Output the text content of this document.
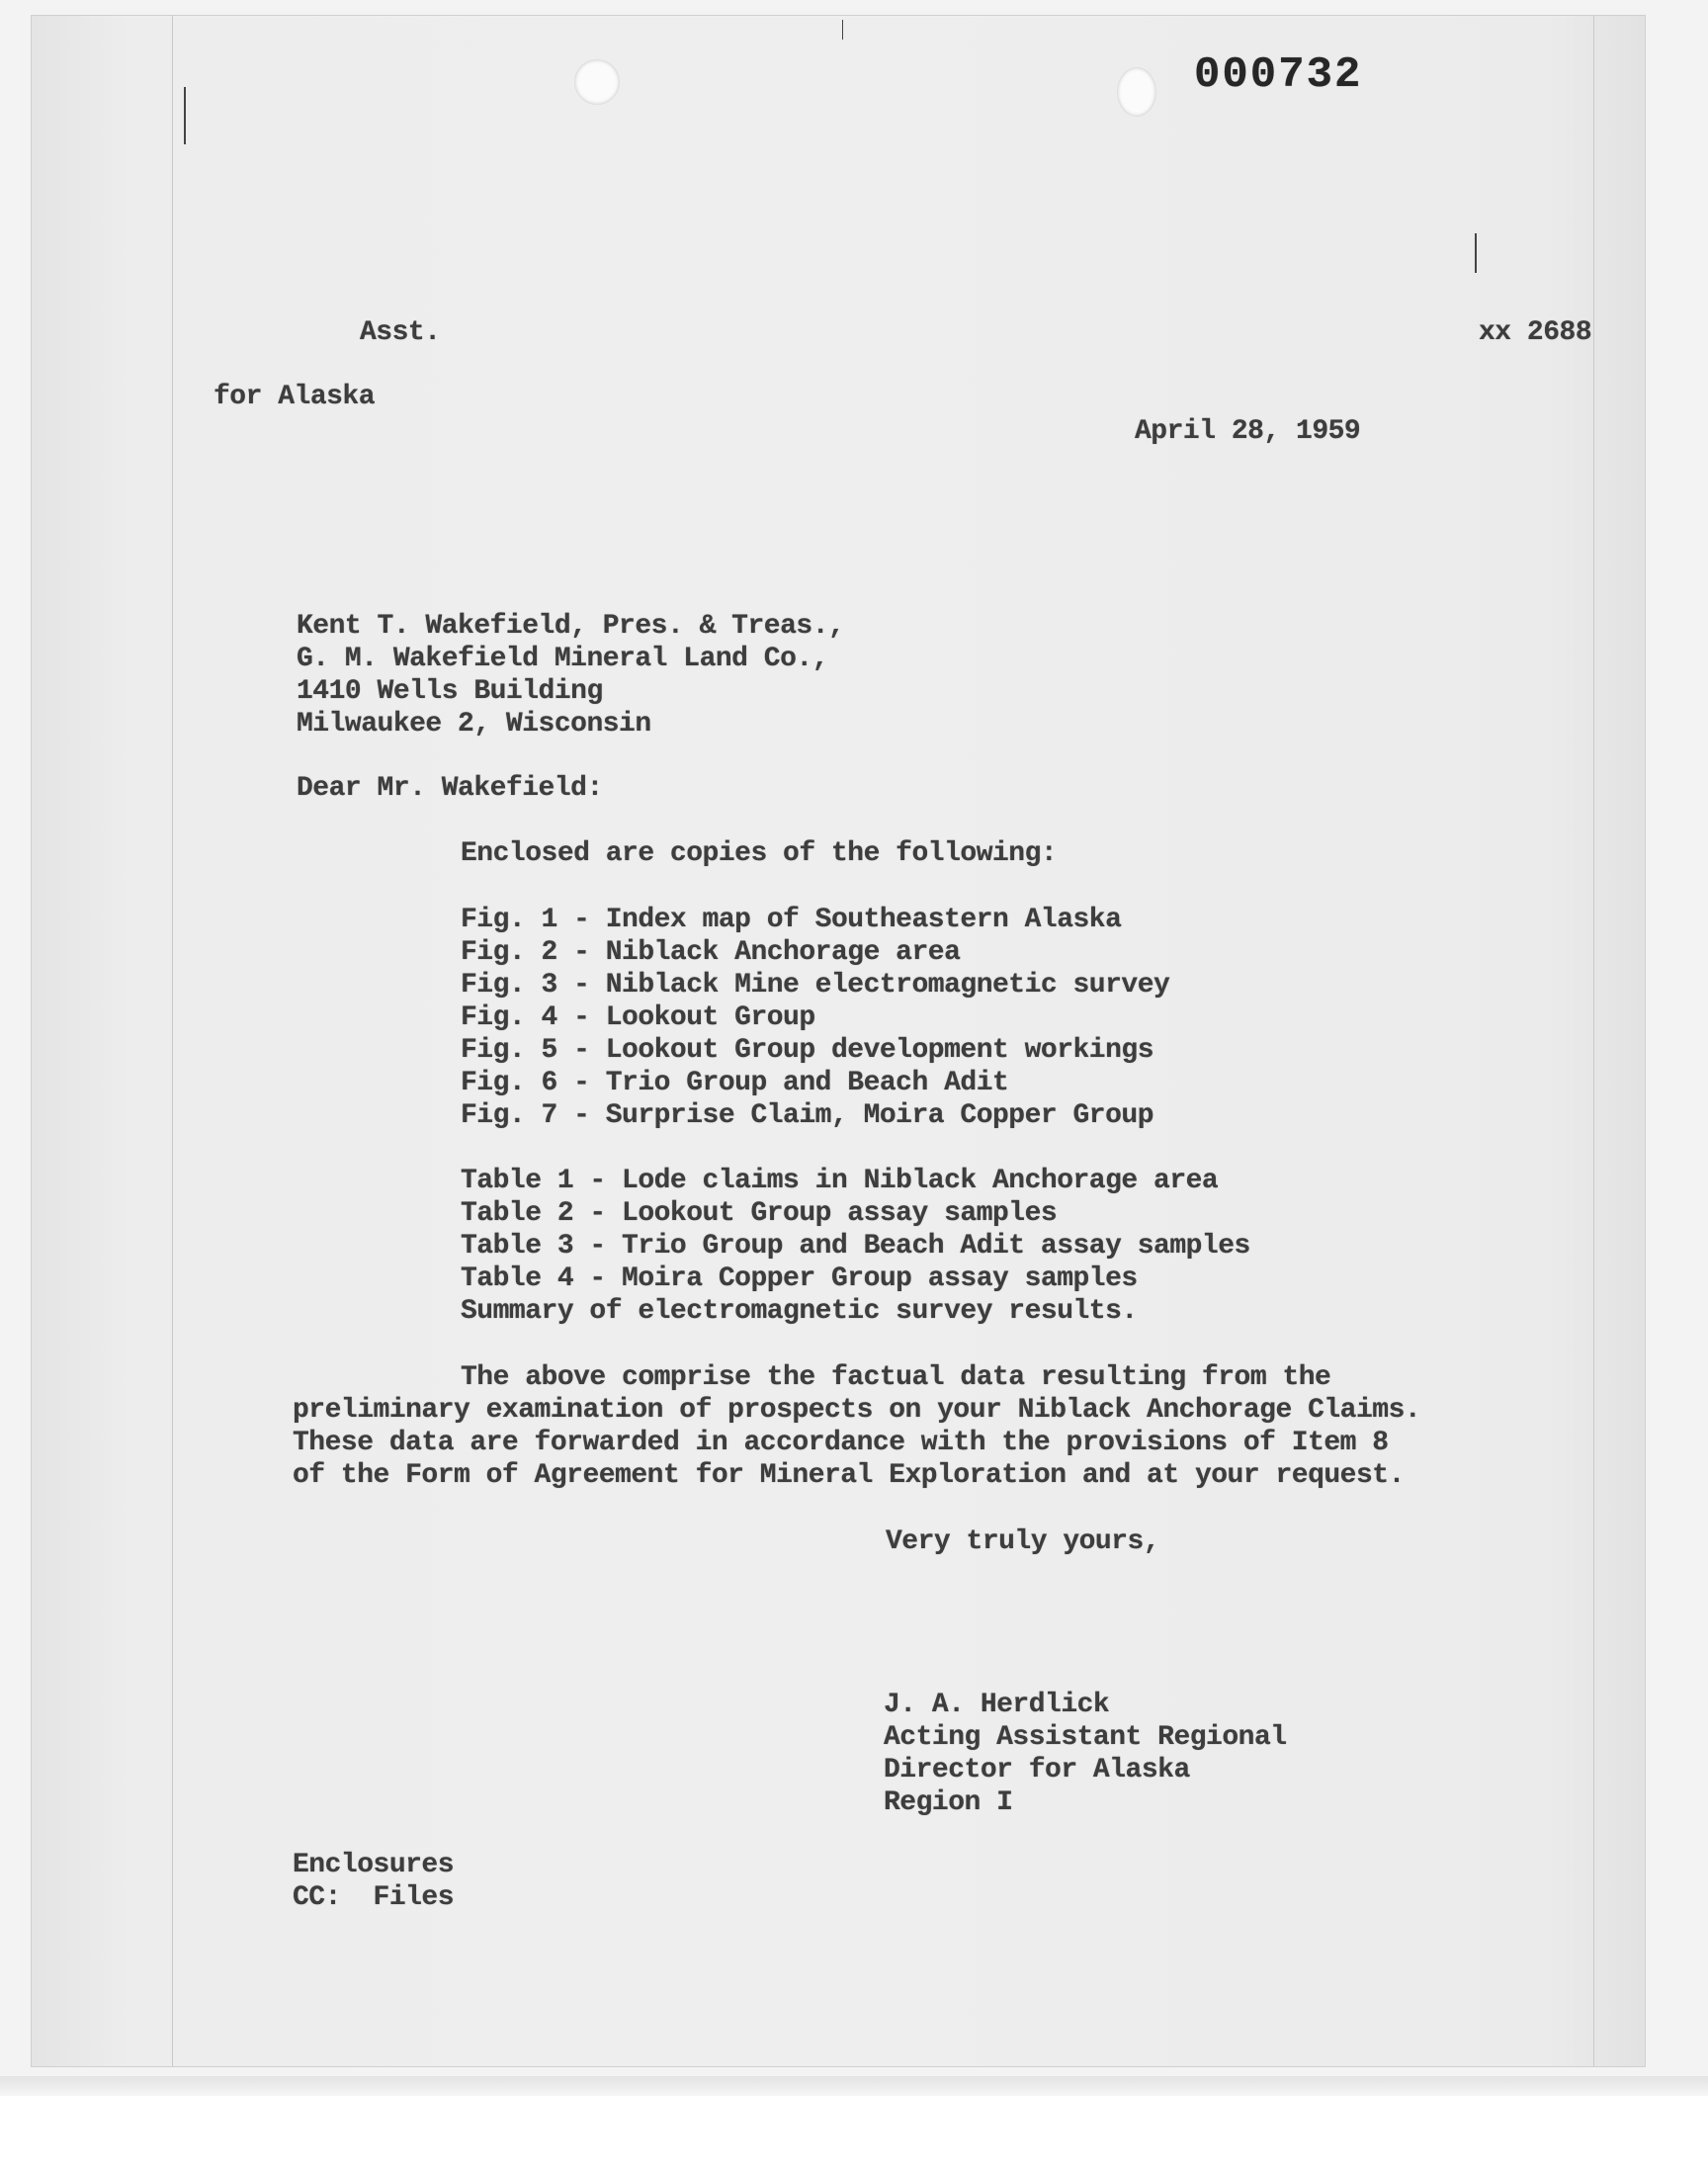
000732

Asst.

for Alaska

xx 2688

April 28, 1959

Kent T. Wakefield, Pres. & Treas.,

G. M. Wakefield Mineral Land Co.,

1410 Wells Building

Milwaukee 2, Wisconsin

Dear Mr. Wakefield:

Enclosed are copies of the following:

Fig. 1 - Index map of Southeastern Alaska

Fig. 2 - Niblack Anchorage area

Fig. 3 - Niblack Mine electromagnetic survey

Fig. 4 - Lookout Group

Fig. 5 - Lookout Group development workings

Fig. 6 - Trio Group and Beach Adit

Fig. 7 - Surprise Claim, Moira Copper Group

Table 1 - Lode claims in Niblack Anchorage area

Table 2 - Lookout Group assay samples

Table 3 - Trio Group and Beach Adit assay samples

Table 4 - Moira Copper Group assay samples

Summary of electromagnetic survey results.

The above comprise the factual data resulting from the

preliminary examination of prospects on your Niblack Anchorage Claims.

These data are forwarded in accordance with the provisions of Item 8

of the Form of Agreement for Mineral Exploration and at your request.

Very truly yours,

J. A. Herdlick

Acting Assistant Regional

Director for Alaska

Region I

Enclosures

CC:  Files
